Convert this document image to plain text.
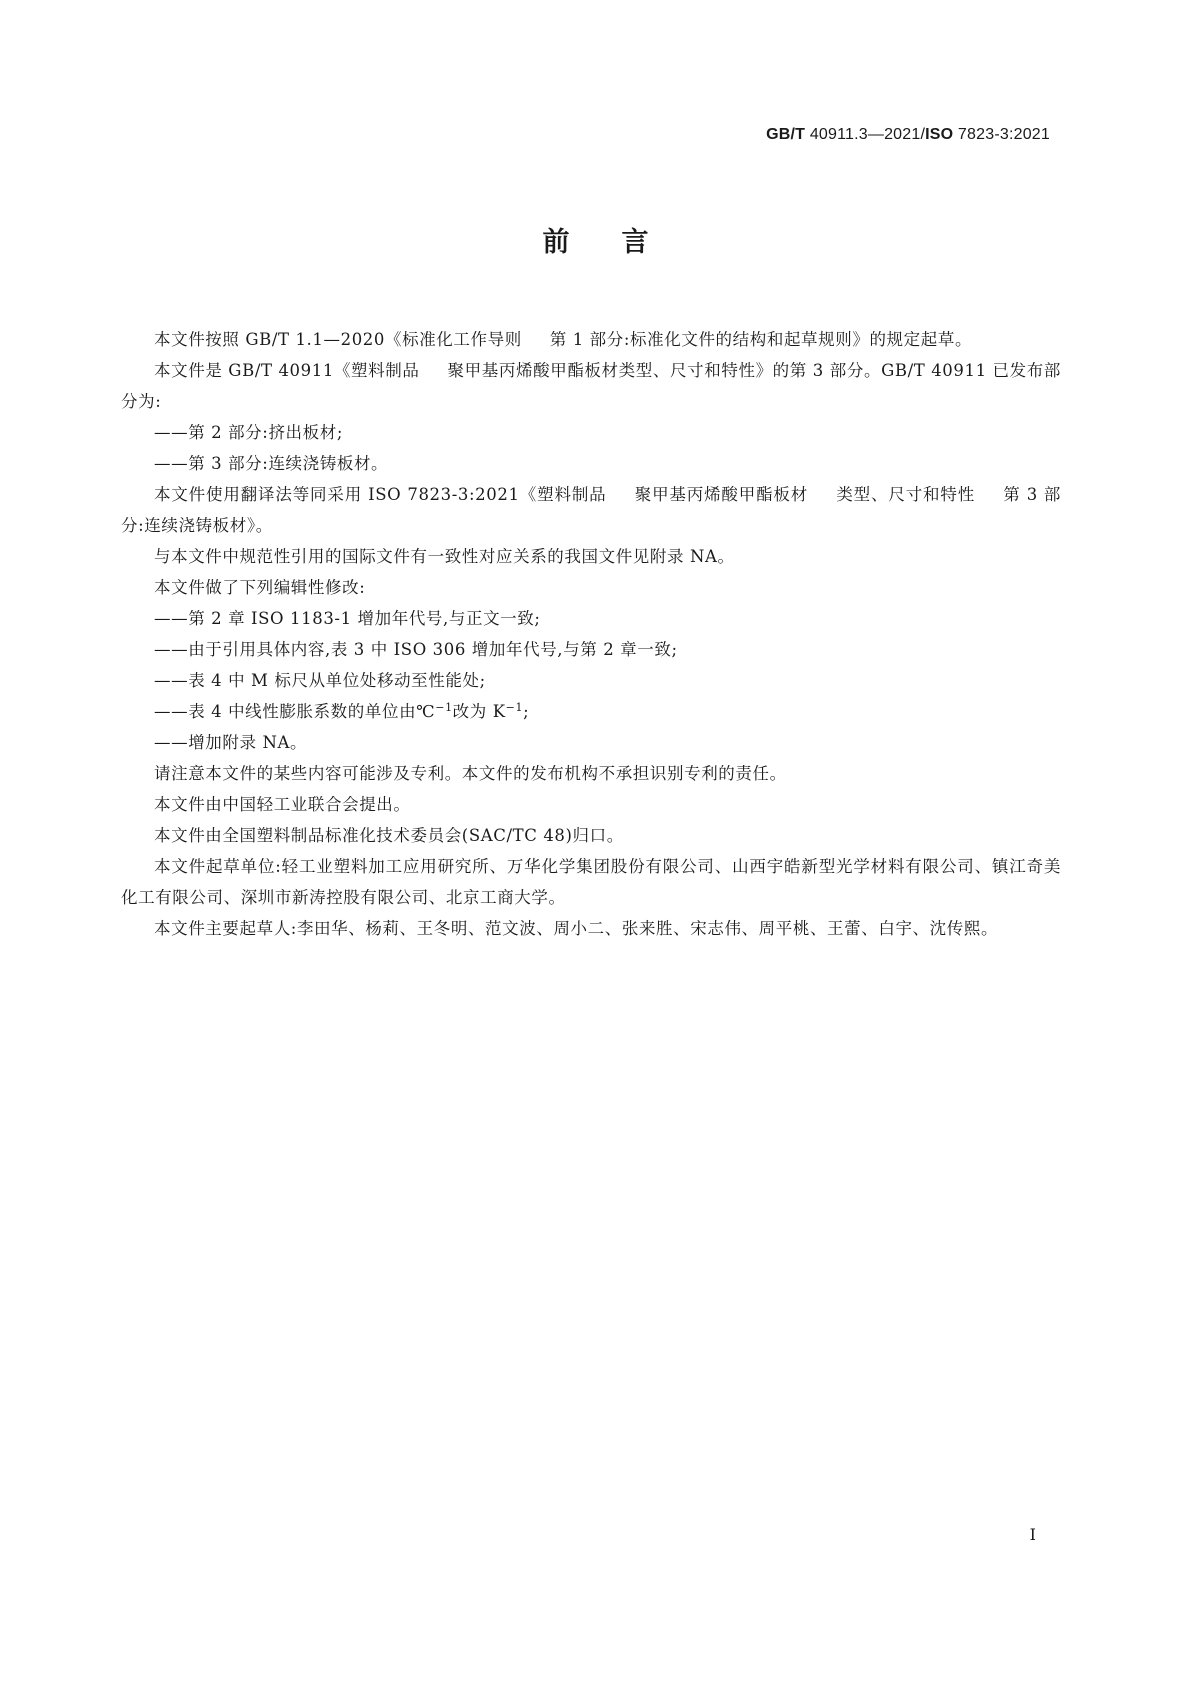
GB/T 40911.3—2021/ISO 7823-3:2021
前言

本文件按照 GB/T 1.1—2020《标准化工作导则 第 1 部分:标准化文件的结构和起草规则》的规定起草。

本文件是 GB/T 40911《塑料制品 聚甲基丙烯酸甲酯板材类型、尺寸和特性》的第 3 部分。GB/T 40911 已发布部分为:

——第 2 部分:挤出板材;

——第 3 部分:连续浇铸板材。

本文件使用翻译法等同采用 ISO 7823-3:2021《塑料制品 聚甲基丙烯酸甲酯板材 类型、尺寸和特性 第 3 部分:连续浇铸板材》。

与本文件中规范性引用的国际文件有一致性对应关系的我国文件见附录 NA。

本文件做了下列编辑性修改:

——第 2 章 ISO 1183-1 增加年代号,与正文一致;

——由于引用具体内容,表 3 中 ISO 306 增加年代号,与第 2 章一致;

——表 4 中 M 标尺从单位处移动至性能处;

——表 4 中线性膨胀系数的单位由℃$^{-1}$改为 $K^{-1}$;

——增加附录 NA。

请注意本文件的某些内容可能涉及专利。本文件的发布机构不承担识别专利的责任。

本文件由中国轻工业联合会提出。

本文件由全国塑料制品标准化技术委员会(SAC/TC 48)归口。

本文件起草单位:轻工业塑料加工应用研究所、万华化学集团股份有限公司、山西宇皓新型光学材料有限公司、镇江奇美化工有限公司、深圳市新涛控股有限公司、北京工商大学。

本文件主要起草人:李田华、杨莉、王冬明、范文波、周小二、张来胜、宋志伟、周平桃、王蕾、白宇、沈传熙。

I
